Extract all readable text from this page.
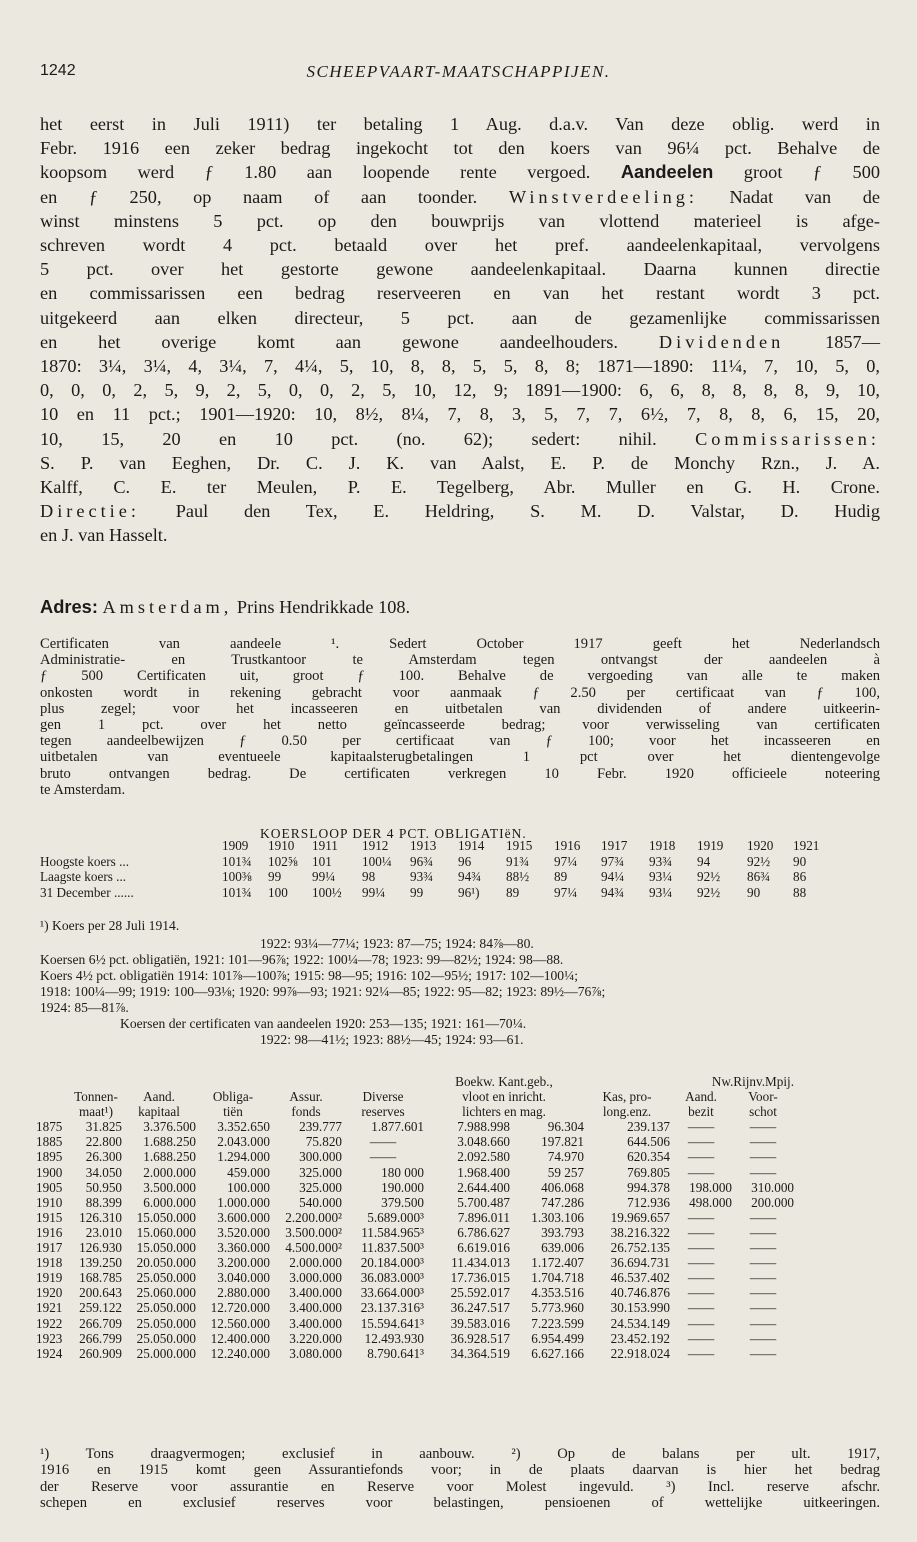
1242	SCHEEPVAART-MAATSCHAPPIJEN.
het eerst in Juli 1911) ter betaling 1 Aug. d.a.v. Van deze oblig. werd in
Febr. 1916 een zeker bedrag ingekocht tot den koers van 96¼ pct. Behalve de
koopsom werd ƒ 1.80 aan loopende rente vergoed. Aandeelen groot ƒ 500
en ƒ 250, op naam of aan toonder. Winstverdeeling: Nadat van de
winst minstens 5 pct. op den bouwprijs van vlottend materieel is afge-
schreven wordt 4 pct. betaald over het pref. aandeelenkapitaal, vervolgens
5 pct. over het gestorte gewone aandeelenkapitaal. Daarna kunnen directie
en commissarissen een bedrag reserveeren en van het restant wordt 3 pct.
uitgekeerd aan elken directeur, 5 pct. aan de gezamenlijke commissarissen
en het overige komt aan gewone aandeelhouders. Dividenden 1857—
1870: 3¼, 3¼, 4, 3¼, 7, 4¼, 5, 10, 8, 8, 5, 5, 8, 8; 1871—1890: 11¼, 7, 10, 5, 0,
0, 0, 0, 2, 5, 9, 2, 5, 0, 0, 2, 5, 10, 12, 9; 1891—1900: 6, 6, 8, 8, 8, 8, 9, 10,
10 en 11 pct.; 1901—1920: 10, 8½, 8¼, 7, 8, 3, 5, 7, 7, 6½, 7, 8, 8, 6, 15, 20,
10, 15, 20 en 10 pct. (no. 62); sedert: nihil. Commissarissen:
S. P. van Eeghen, Dr. C. J. K. van Aalst, E. P. de Monchy Rzn., J. A.
Kalff, C. E. ter Meulen, P. E. Tegelberg, Abr. Muller en G. H. Crone.
Directie: Paul den Tex, E. Heldring, S. M. D. Valstar, D. Hudig
en J. van Hasselt.
Adres: Amsterdam, Prins Hendrikkade 108.
Certificaten van aandeele ¹. Sedert October 1917 geeft het Nederlandsch
Administratie- en Trustkantoor te Amsterdam tegen ontvangst der aandeelen à
ƒ 500 Certificaten uit, groot ƒ 100. Behalve de vergoeding van alle te maken
onkosten wordt in rekening gebracht voor aanmaak ƒ 2.50 per certificaat van ƒ 100,
plus zegel; voor het incasseeren en uitbetalen van dividenden of andere uitkeerin-
gen 1 pct. over het netto geïncasseerde bedrag; voor verwisseling van certificaten
tegen aandeelbewijzen ƒ 0.50 per certificaat van ƒ 100; voor het incasseeren en
uitbetalen van eventueele kapitaalsterugbetalingen 1 pct over het dientengevolge
bruto ontvangen bedrag. De certificaten verkregen 10 Febr. 1920 officieele notеering
te Amsterdam.
KOERSLOOP DER 4 PCT. OBLIGATIëN.
	1909	1910	1911	1912	1913	1914	1915	1916	1917	1918	1919	1920	1921
Hoogste koers ...	101¾	102⅝	101	100¼	96¾	96	91¾	97¼	97¾	93¾	94	92½	90
Laagste koers ...	100⅜	99	99¼	98	93¾	94¾	88½	89	94¼	93¼	92½	86¾	86
31 December ......	101¾	100	100½	99¼	99	96¹)	89	97¼	94¾	93¼	92½	90	88
¹) Koers per 28 Juli 1914.
1922: 93¼—77¼; 1923: 87—75; 1924: 84⅞—80.
Koersen 6½ pct. obligatiën, 1921: 101—96⅞; 1922: 100¼—78; 1923: 99—82½; 1924: 98—88.
Koers 4½ pct. obligatiën 1914: 101⅞—100⅞; 1915: 98—95; 1916: 102—95½; 1917: 102—100¼;
1918: 100¼—99; 1919: 100—93⅛; 1920: 99⅞—93; 1921: 92¼—85; 1922: 95—82; 1923: 89½—76⅞;
1924: 85—81⅞.
Koersen der certificaten van aandeelen 1920: 253—135; 1921: 161—70¼.
1922: 98—41½; 1923: 88½—45; 1924: 93—61.
						Boekw. Kant.geb.,			Nw.Rijnv.Mpij.	
	Tonnen-	Aand.	Obliga-	Assur.	Diverse	vloot en inricht.		Kas, pro-	Aand.	Voor-
	maat¹)	kapitaal	tiën	fonds	reserves	lichters en mag.		long.enz.	bezit	schot
1875	31.825	3.376.500	3.352.650	239.777	1.877.601	7.988.998	96.304	239.137	——	——
1885	22.800	1.688.250	2.043.000	75.820	——	3.048.660	197.821	644.506	——	——
1895	26.300	1.688.250	1.294.000	300.000	——	2.092.580	74.970	620.354	——	——
1900	34.050	2.000.000	459.000	325.000	180 000	1.968.400	59 257	769.805	——	——
1905	50.950	3.500.000	100.000	325.000	190.000	2.644.400	406.068	994.378	198.000	310.000
1910	88.399	6.000.000	1.000.000	540.000	379.500	5.700.487	747.286	712.936	498.000	200.000
1915	126.310	15.050.000	3.600.000	2.200.000²	5.689.000³	7.896.011	1.303.106	19.969.657	——	——
1916	23.010	15.060.000	3.520.000	3.500.000²	11.584.965³	6.786.627	393.793	38.216.322	——	——
1917	126.930	15.050.000	3.360.000	4.500.000²	11.837.500³	6.619.016	639.006	26.752.135	——	——
1918	139.250	20.050.000	3.200.000	2.000.000	20.184.000³	11.434.013	1.172.407	36.694.731	——	——
1919	168.785	25.050.000	3.040.000	3.000.000	36.083.000³	17.736.015	1.704.718	46.537.402	——	——
1920	200.643	25.060.000	2.880.000	3.400.000	33.664.000³	25.592.017	4.353.516	40.746.876	——	——
1921	259.122	25.050.000	12.720.000	3.400.000	23.137.316³	36.247.517	5.773.960	30.153.990	——	——
1922	266.709	25.050.000	12.560.000	3.400.000	15.594.641³	39.583.016	7.223.599	24.534.149	——	——
1923	266.799	25.050.000	12.400.000	3.220.000	12.493.930	36.928.517	6.954.499	23.452.192	——	——
1924	260.909	25.000.000	12.240.000	3.080.000	8.790.641³	34.364.519	6.627.166	22.918.024	——	——
¹) Tons draagvermogen; exclusief in aanbouw. ²) Op de balans per ult. 1917,
1916 en 1915 komt geen Assurantiefonds voor; in de plaats daarvan is hier het bedrag
der Reserve voor assurantie en Reserve voor Molest ingevuld. ³) Incl. reserve afschr.
schepen en exclusief reserves voor belastingen, pensioenen of wettelijke uitkeeringen.
